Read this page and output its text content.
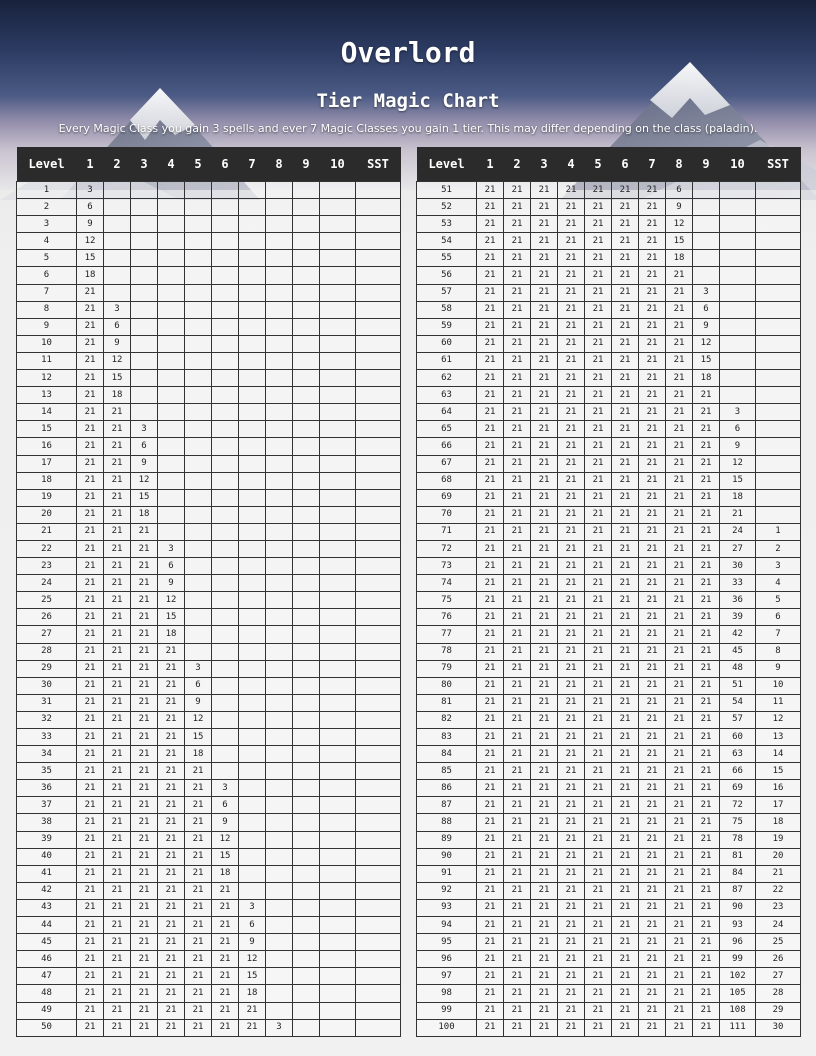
Overlord
Tier Magic Chart
Every Magic Class you gain 3 spells and ever 7 Magic Classes you gain 1 tier. This may differ depending on the class (paladin).
Level	1	2	3	4	5	6	7	8	9	10	SST
1	3										
2	6										
3	9										
4	12										
5	15										
6	18										
7	21										
8	21	3									
9	21	6									
10	21	9									
11	21	12									
12	21	15									
13	21	18									
14	21	21									
15	21	21	3								
16	21	21	6								
17	21	21	9								
18	21	21	12								
19	21	21	15								
20	21	21	18								
21	21	21	21								
22	21	21	21	3							
23	21	21	21	6							
24	21	21	21	9							
25	21	21	21	12							
26	21	21	21	15							
27	21	21	21	18							
28	21	21	21	21							
29	21	21	21	21	3						
30	21	21	21	21	6						
31	21	21	21	21	9						
32	21	21	21	21	12						
33	21	21	21	21	15						
34	21	21	21	21	18						
35	21	21	21	21	21						
36	21	21	21	21	21	3					
37	21	21	21	21	21	6					
38	21	21	21	21	21	9					
39	21	21	21	21	21	12					
40	21	21	21	21	21	15					
41	21	21	21	21	21	18					
42	21	21	21	21	21	21					
43	21	21	21	21	21	21	3				
44	21	21	21	21	21	21	6				
45	21	21	21	21	21	21	9				
46	21	21	21	21	21	21	12				
47	21	21	21	21	21	21	15				
48	21	21	21	21	21	21	18				
49	21	21	21	21	21	21	21				
50	21	21	21	21	21	21	21	3			
Level	1	2	3	4	5	6	7	8	9	10	SST
51	21	21	21	21	21	21	21	6			
52	21	21	21	21	21	21	21	9			
53	21	21	21	21	21	21	21	12			
54	21	21	21	21	21	21	21	15			
55	21	21	21	21	21	21	21	18			
56	21	21	21	21	21	21	21	21			
57	21	21	21	21	21	21	21	21	3		
58	21	21	21	21	21	21	21	21	6		
59	21	21	21	21	21	21	21	21	9		
60	21	21	21	21	21	21	21	21	12		
61	21	21	21	21	21	21	21	21	15		
62	21	21	21	21	21	21	21	21	18		
63	21	21	21	21	21	21	21	21	21		
64	21	21	21	21	21	21	21	21	21	3	
65	21	21	21	21	21	21	21	21	21	6	
66	21	21	21	21	21	21	21	21	21	9	
67	21	21	21	21	21	21	21	21	21	12	
68	21	21	21	21	21	21	21	21	21	15	
69	21	21	21	21	21	21	21	21	21	18	
70	21	21	21	21	21	21	21	21	21	21	
71	21	21	21	21	21	21	21	21	21	24	1
72	21	21	21	21	21	21	21	21	21	27	2
73	21	21	21	21	21	21	21	21	21	30	3
74	21	21	21	21	21	21	21	21	21	33	4
75	21	21	21	21	21	21	21	21	21	36	5
76	21	21	21	21	21	21	21	21	21	39	6
77	21	21	21	21	21	21	21	21	21	42	7
78	21	21	21	21	21	21	21	21	21	45	8
79	21	21	21	21	21	21	21	21	21	48	9
80	21	21	21	21	21	21	21	21	21	51	10
81	21	21	21	21	21	21	21	21	21	54	11
82	21	21	21	21	21	21	21	21	21	57	12
83	21	21	21	21	21	21	21	21	21	60	13
84	21	21	21	21	21	21	21	21	21	63	14
85	21	21	21	21	21	21	21	21	21	66	15
86	21	21	21	21	21	21	21	21	21	69	16
87	21	21	21	21	21	21	21	21	21	72	17
88	21	21	21	21	21	21	21	21	21	75	18
89	21	21	21	21	21	21	21	21	21	78	19
90	21	21	21	21	21	21	21	21	21	81	20
91	21	21	21	21	21	21	21	21	21	84	21
92	21	21	21	21	21	21	21	21	21	87	22
93	21	21	21	21	21	21	21	21	21	90	23
94	21	21	21	21	21	21	21	21	21	93	24
95	21	21	21	21	21	21	21	21	21	96	25
96	21	21	21	21	21	21	21	21	21	99	26
97	21	21	21	21	21	21	21	21	21	102	27
98	21	21	21	21	21	21	21	21	21	105	28
99	21	21	21	21	21	21	21	21	21	108	29
100	21	21	21	21	21	21	21	21	21	111	30
